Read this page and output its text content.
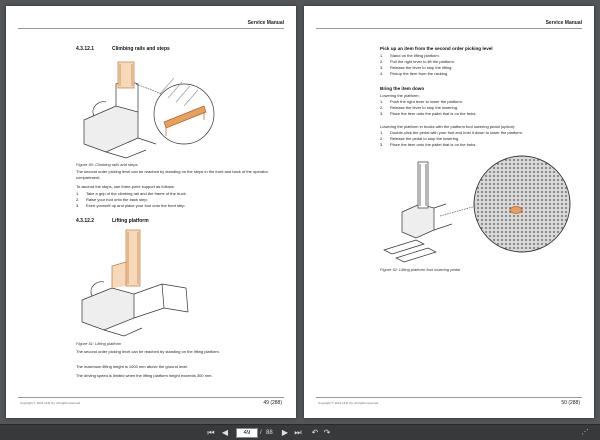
Service Manual
4.3.12.1	Climbing rails and steps
Figure 50: Climbing rails and steps
The second order picking level can be reached by standing on the steps in the front and back of the operator compartment.
To ascend the steps, use three-point support as follows:
1. Take a grip of the climbing rail and the frame of the truck.
2. Raise your foot onto the back step.
3. Exert yourself up and place your foot onto the front step.
4.3.12.2	Lifting platform
Figure 51: Lifting platform
The second order picking level can be reached by standing on the lifting platform.
The maximum lifting height is 1000 mm above the ground level.
The driving speed is limited when the lifting platform height exceeds 300 mm.
Copyright © 2021 ULD Oy. All rights reserved.	49 (288)
Service Manual
Pick up an item from the second order picking level
1. Stand on the lifting platform.
2. Pull the right lever to lift the platform.
3. Release the lever to stop the lifting.
4. Pickup the item from the racking.
Bring the item down
Lowering the platform:
1. Push the right lever to lower the platform.
2. Release the lever to stop the lowering.
3. Place the item onto the pallet that is on the forks.
Lowering the platform in trucks with the platform foot lowering pedal (option):
1. Double-click the pedal with your foot and hold it down to lower the platform.
2. Release the pedal to stop the lowering.
3. Place the item onto the pallet that is on the forks.
Figure 52: Lifting platform foot lowering pedal
Copyright © 2021 ULD Oy. All rights reserved.	50 (288)
⏮ ◀
49	/ 88 ▶ ⏭ ↶ ↷	⋰
